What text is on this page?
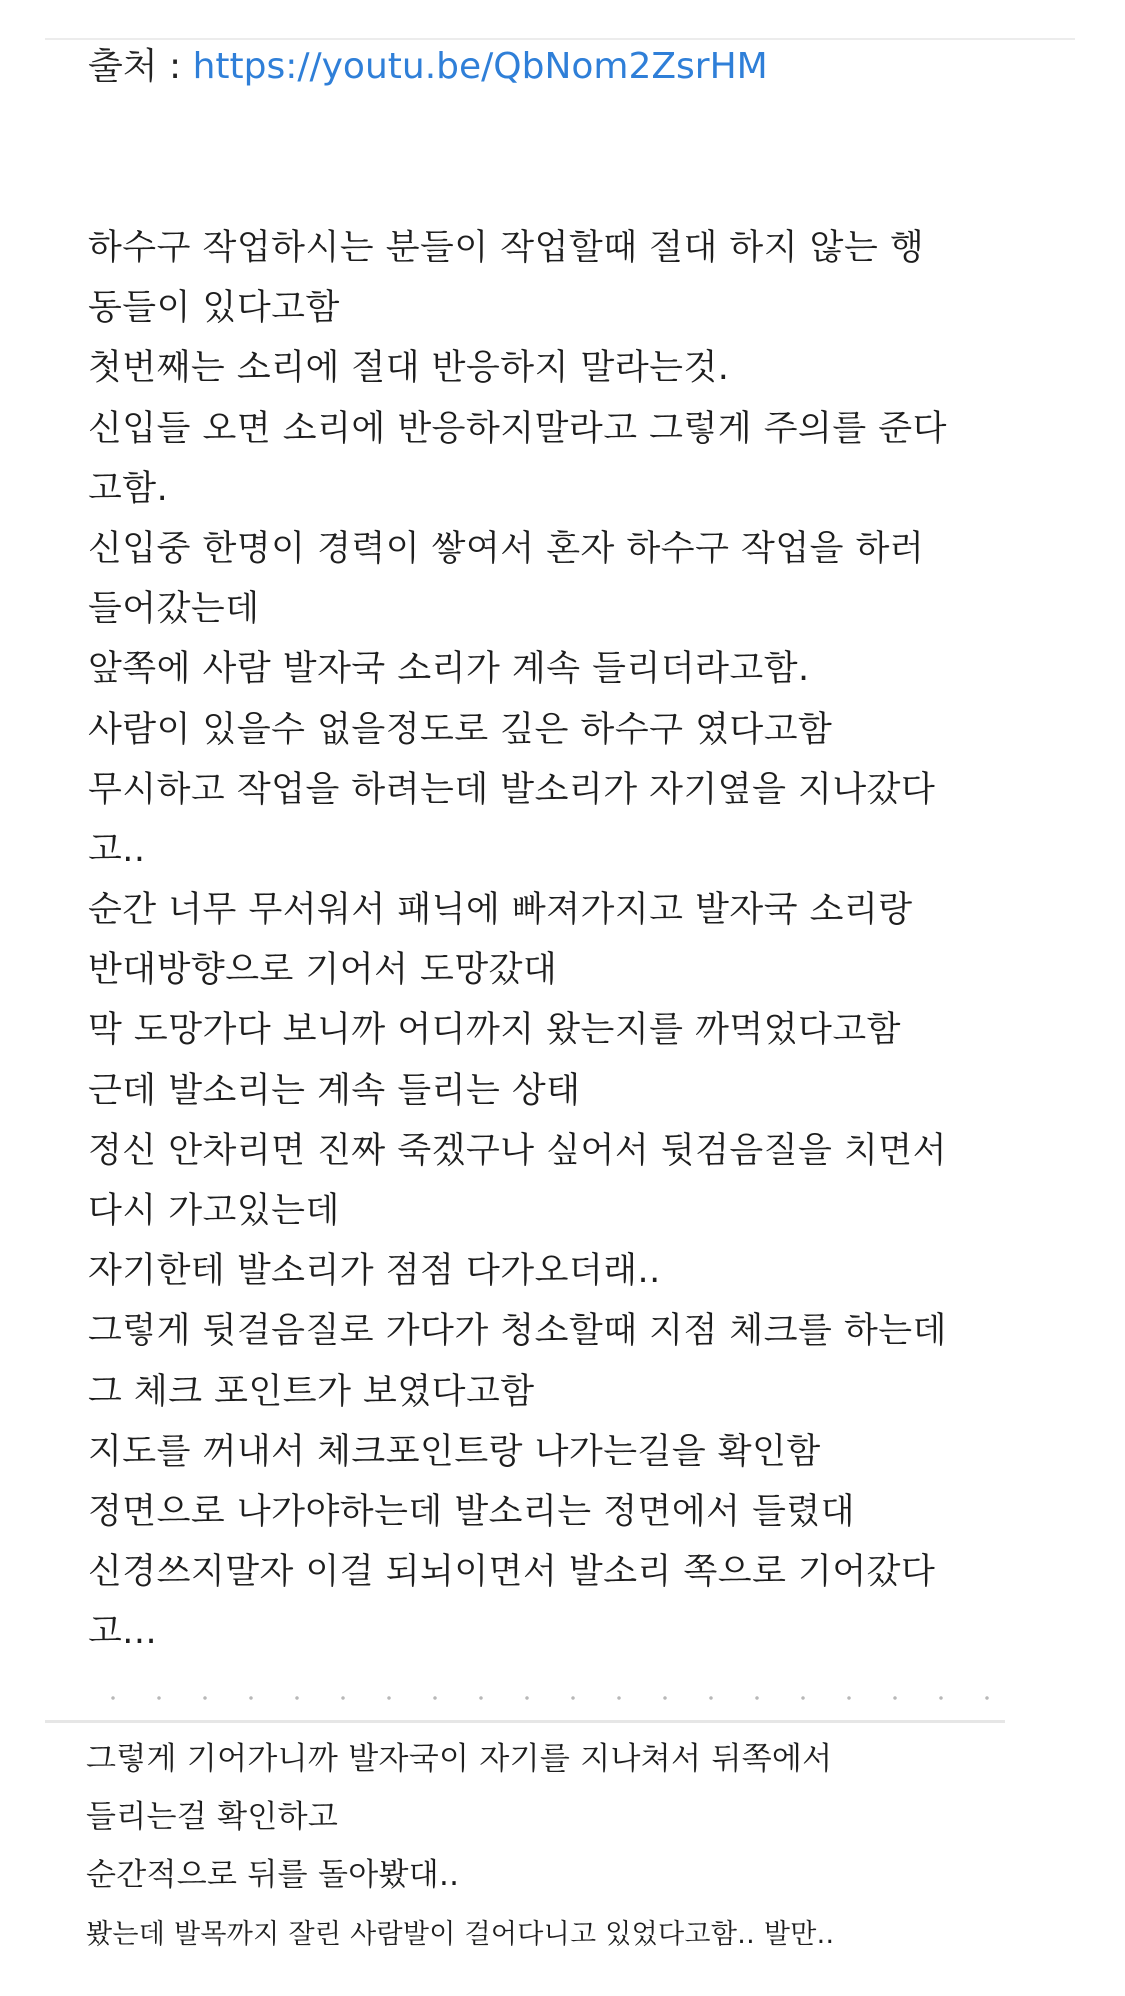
출처 : https://youtu.be/QbNom2ZsrHM
하수구 작업하시는 분들이 작업할때 절대 하지 않는 행
동들이 있다고함
첫번째는 소리에 절대 반응하지 말라는것.
신입들 오면 소리에 반응하지말라고 그렇게 주의를 준다
고함.
신입중 한명이 경력이 쌓여서 혼자 하수구 작업을 하러
들어갔는데
앞쪽에 사람 발자국 소리가 계속 들리더라고함.
사람이 있을수 없을정도로 깊은 하수구 였다고함
무시하고 작업을 하려는데 발소리가 자기옆을 지나갔다
고..
순간 너무 무서워서 패닉에 빠져가지고 발자국 소리랑
반대방향으로 기어서 도망갔대
막 도망가다 보니까 어디까지 왔는지를 까먹었다고함
근데 발소리는 계속 들리는 상태
정신 안차리면 진짜 죽겠구나 싶어서 뒷검음질을 치면서
다시 가고있는데
자기한테 발소리가 점점 다가오더래..
그렇게 뒷걸음질로 가다가 청소할때 지점 체크를 하는데
그 체크 포인트가 보였다고함
지도를 꺼내서 체크포인트랑 나가는길을 확인함
정면으로 나가야하는데 발소리는 정면에서 들렸대
신경쓰지말자 이걸 되뇌이면서 발소리 쪽으로 기어갔다
고...
그렇게 기어가니까 발자국이 자기를 지나쳐서 뒤쪽에서
들리는걸 확인하고
순간적으로 뒤를 돌아봤대..
봤는데 발목까지 잘린 사람발이 걸어다니고 있었다고함.. 발만..
